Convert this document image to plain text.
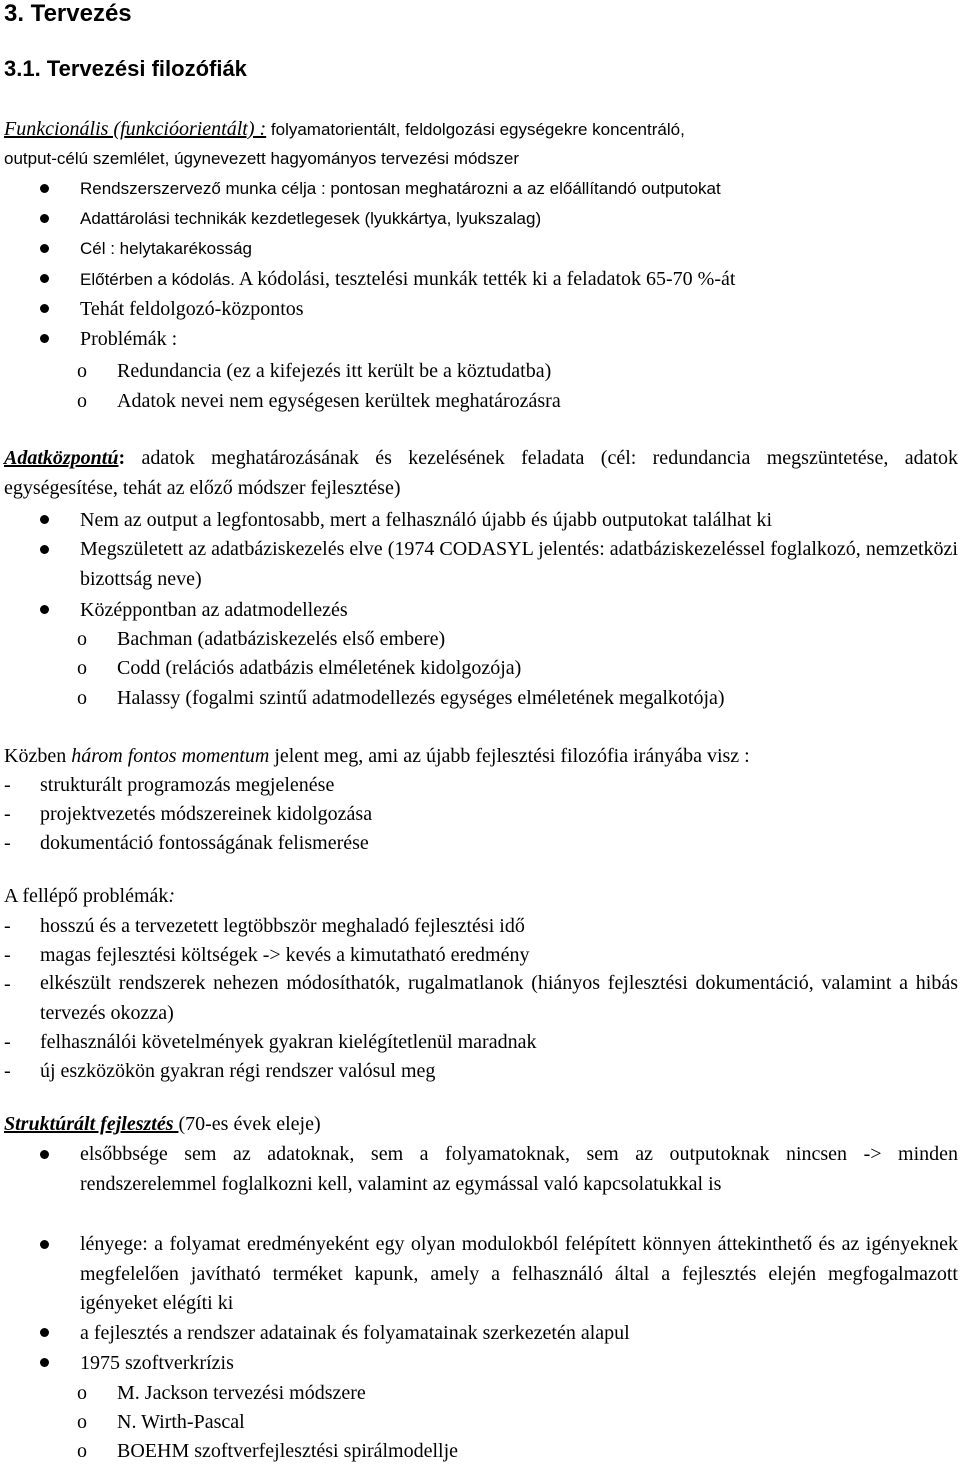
3. Tervezés
3.1. Tervezési filozófiák
Funkcionális (funkcióorientált) : folyamatorientált, feldolgozási egységekre koncentráló,
output-célú szemlélet, úgynevezett hagyományos tervezési módszer
Rendszerszervező munka célja : pontosan meghatározni a az előállítandó outputokat
Adattárolási technikák kezdetlegesek (lyukkártya, lyukszalag)
Cél : helytakarékosság
Előtérben a kódolás. A kódolási, tesztelési munkák tették ki a feladatok 65-70 %-át
Tehát feldolgozó-központos
Problémák :
o Redundancia (ez a kifejezés itt került be a köztudatba)
o Adatok nevei nem egységesen kerültek meghatározásra

Adatközpontú: adatok meghatározásának és kezelésének feladata (cél: redundancia megszüntetése, adatok egységesítése, tehát az előző módszer fejlesztése)

Nem az output a legfontosabb, mert a felhasználó újabb és újabb outputokat találhat ki

Megszületett az adatbáziskezelés elve (1974 CODASYL jelentés: adatbáziskezeléssel foglalkozó, nemzetközi bizottság neve)

Középpontban az adatmodellezés
o Bachman (adatbáziskezelés első embere)
o Codd (relációs adatbázis elméletének kidolgozója)
o Halassy (fogalmi szintű adatmodellezés egységes elméletének megalkotója)
Közben három fontos momentum jelent meg, ami az újabb fejlesztési filozófia irányába visz :
- strukturált programozás megjelenése
- projektvezetés módszereinek kidolgozása
- dokumentáció fontosságának felismerése
A fellépő problémák:
- hosszú és a tervezetett legtöbbször meghaladó fejlesztési idő
- magas fejlesztési költségek -> kevés a kimutatható eredmény
- elkészült rendszerek nehezen módosíthatók, rugalmatlanok (hiányos fejlesztési dokumentáció, valamint a hibás tervezés okozza)

- felhasználói követelmények gyakran kielégítetlenül maradnak
- új eszközökön gyakran régi rendszer valósul meg
Struktúrált fejlesztés (70-es évek eleje)

elsőbbsége sem az adatoknak, sem a folyamatoknak, sem az outputoknak nincsen -> minden rendszerelemmel foglalkozni kell, valamint az egymással való kapcsolatukkal is

lényege: a folyamat eredményeként egy olyan modulokból felépített könnyen áttekinthető és az igényeknek megfelelően javítható terméket kapunk, amely a felhasználó által a fejlesztés elején megfogalmazott igényeket elégíti ki

a fejlesztés a rendszer adatainak és folyamatainak szerkezetén alapul
1975 szoftverkrízis
o M. Jackson tervezési módszere
o N. Wirth-Pascal
o BOEHM szoftverfejlesztési spirálmodellje
